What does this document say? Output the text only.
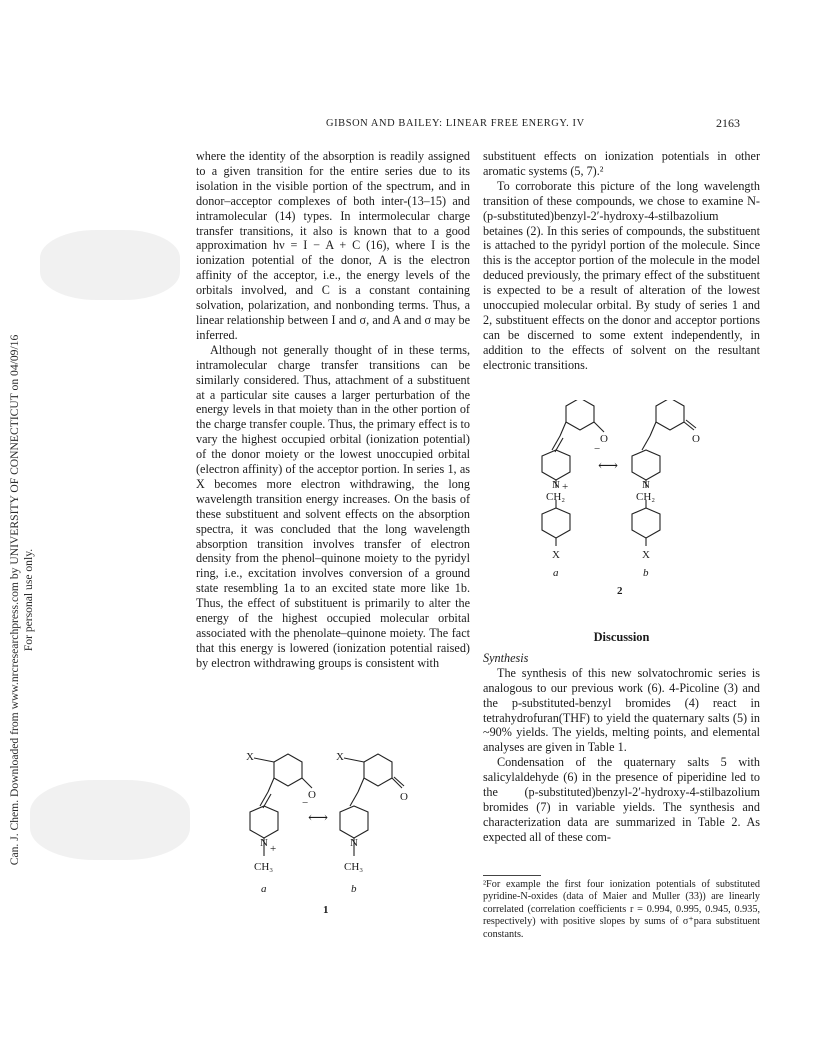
Can. J. Chem. Downloaded from www.nrcresearchpress.com by UNIVERSITY OF CONNECTICUT on 04/09/16 For personal use only.
GIBSON AND BAILEY: LINEAR FREE ENERGY. IV	2163

where the identity of the absorption is readily assigned to a given transition for the entire series due to its isolation in the visible portion of the spectrum, and in donor–acceptor complexes of both inter-(13–15) and intramolecular (14) types. In intermolecular charge transfer transitions, it also is known that to a good approximation hν = I − A + C (16), where I is the ionization potential of the donor, A is the electron affinity of the acceptor, i.e., the energy levels of the orbitals involved, and C is a constant containing solvation, polarization, and nonbonding terms. Thus, a linear relationship between I and σ, and A and σ may be inferred.

Although not generally thought of in these terms, intramolecular charge transfer transitions can be similarly considered. Thus, attachment of a substituent at a particular site causes a larger perturbation of the energy levels in that moiety than in the other portion of the charge transfer couple. Thus, the primary effect is to vary the highest occupied orbital (ionization potential) of the donor moiety or the lowest unoccupied orbital (electron affinity) of the acceptor portion. In series 1, as X becomes more electron withdrawing, the long wavelength transition energy increases. On the basis of these substituent and solvent effects on the absorption spectra, it was concluded that the long wavelength absorption transition involves transfer of electron density from the phenol–quinone moiety to the pyridyl ring, i.e., excitation involves conversion of a ground state resembling 1a to an excited state more like 1b. Thus, the effect of substituent is primarily to alter the energy of the highest occupied molecular orbital associated with the phenolate–quinone moiety. The fact that this energy is lowered (ionization potential raised) by electron withdrawing groups is consistent with

X
O
−
N +
CH₃
⟷
X
O
N
CH₃
a	b
1

substituent effects on ionization potentials in other aromatic systems (5, 7).²

To corroborate this picture of the long wavelength transition of these compounds, we chose to examine N-(p-substituted)benzyl-2′-hydroxy-4-stilbazolium betaines (2). In this series of compounds, the substituent is attached to the pyridyl portion of the molecule. Since this is the acceptor portion of the molecule in the model deduced previously, the primary effect of the substituent is expected to be a result of alteration of the lowest unoccupied molecular orbital. By study of series 1 and 2, substituent effects on the donor and acceptor portions can be discerned to some extent independently, in addition to the effects of solvent on the resultant electronic transitions.

O
−
N +
CH₂
X
⟷
O
N
CH₂
X
a	b
2

Discussion

Synthesis

The synthesis of this new solvatochromic series is analogous to our previous work (6). 4-Picoline (3) and the p-substituted-benzyl bromides (4) react in tetrahydrofuran(THF) to yield the quaternary salts (5) in ~90% yields. The yields, melting points, and elemental analyses are given in Table 1.

Condensation of the quaternary salts 5 with salicylaldehyde (6) in the presence of piperidine led to the (p-substituted)benzyl-2′-hydroxy-4-stilbazolium bromides (7) in variable yields. The synthesis and characterization data are summarized in Table 2. As expected all of these com-

²For example the first four ionization potentials of substituted pyridine-N-oxides (data of Maier and Muller (33)) are linearly correlated (correlation coefficients r = 0.994, 0.995, 0.945, 0.935, respectively) with positive slopes by sums of σ⁺para substituent constants.
